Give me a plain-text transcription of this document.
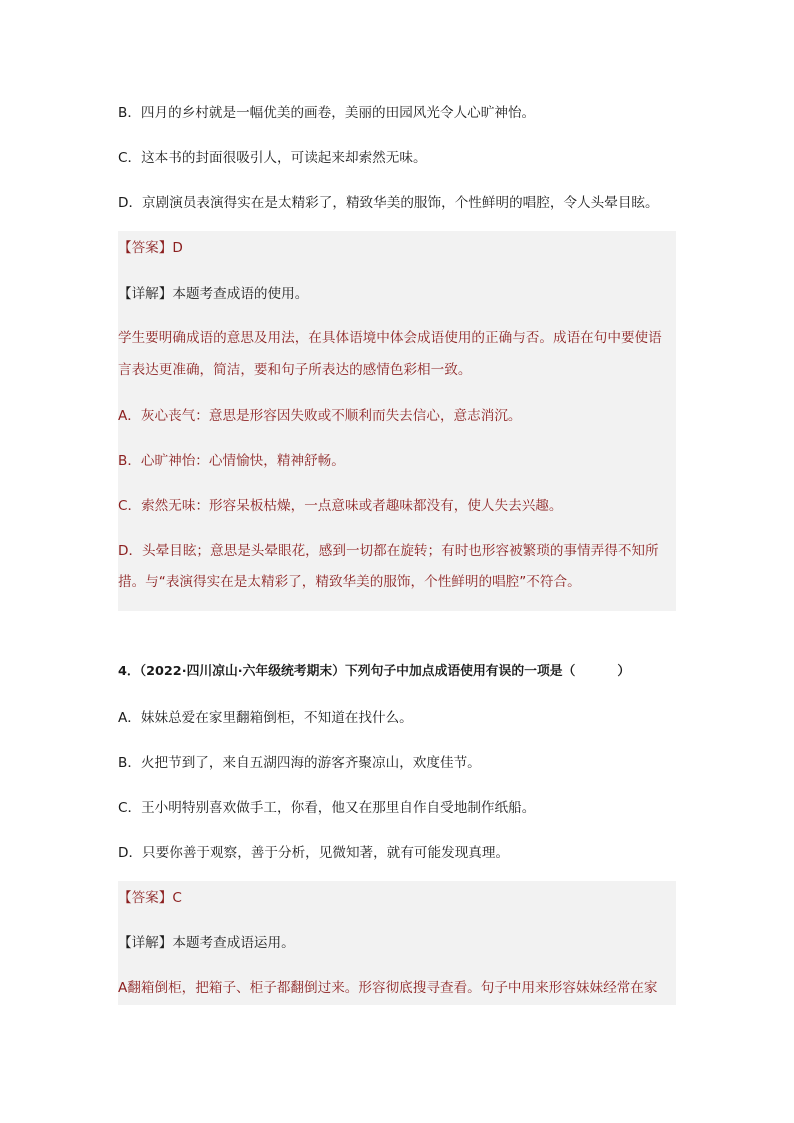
B．四月的乡村就是一幅优美的画卷，美丽的田园风光令人心旷神怡。
C．这本书的封面很吸引人，可读起来却索然无味。
D．京剧演员表演得实在是太精彩了，精致华美的服饰，个性鲜明的唱腔，令人头晕目眩。
【答案】D
【详解】本题考查成语的使用。
学生要明确成语的意思及用法，在具体语境中体会成语使用的正确与否。成语在句中要使语
言表达更准确，简洁，要和句子所表达的感情色彩相一致。
A．灰心丧气：意思是形容因失败或不顺利而失去信心，意志消沉。
B．心旷神怡：心情愉快，精神舒畅。
C．索然无味：形容呆板枯燥，一点意味或者趣味都没有，使人失去兴趣。
D．头晕目眩；意思是头晕眼花，感到一切都在旋转；有时也形容被繁琐的事情弄得不知所
措。与“表演得实在是太精彩了，精致华美的服饰，个性鲜明的唱腔”不符合。
4．（2022·四川凉山·六年级统考期末）下列句子中加点成语使用有误的一项是（	）
A．妹妹总爱在家里翻箱倒柜，不知道在找什么。
B．火把节到了，来自五湖四海的游客齐聚凉山，欢度佳节。
C．王小明特别喜欢做手工，你看，他又在那里自作自受地制作纸船。
D．只要你善于观察，善于分析，见微知著，就有可能发现真理。
【答案】C
【详解】本题考查成语运用。
A翻箱倒柜，把箱子、柜子都翻倒过来。形容彻底搜寻查看。句子中用来形容妹妹经常在家
